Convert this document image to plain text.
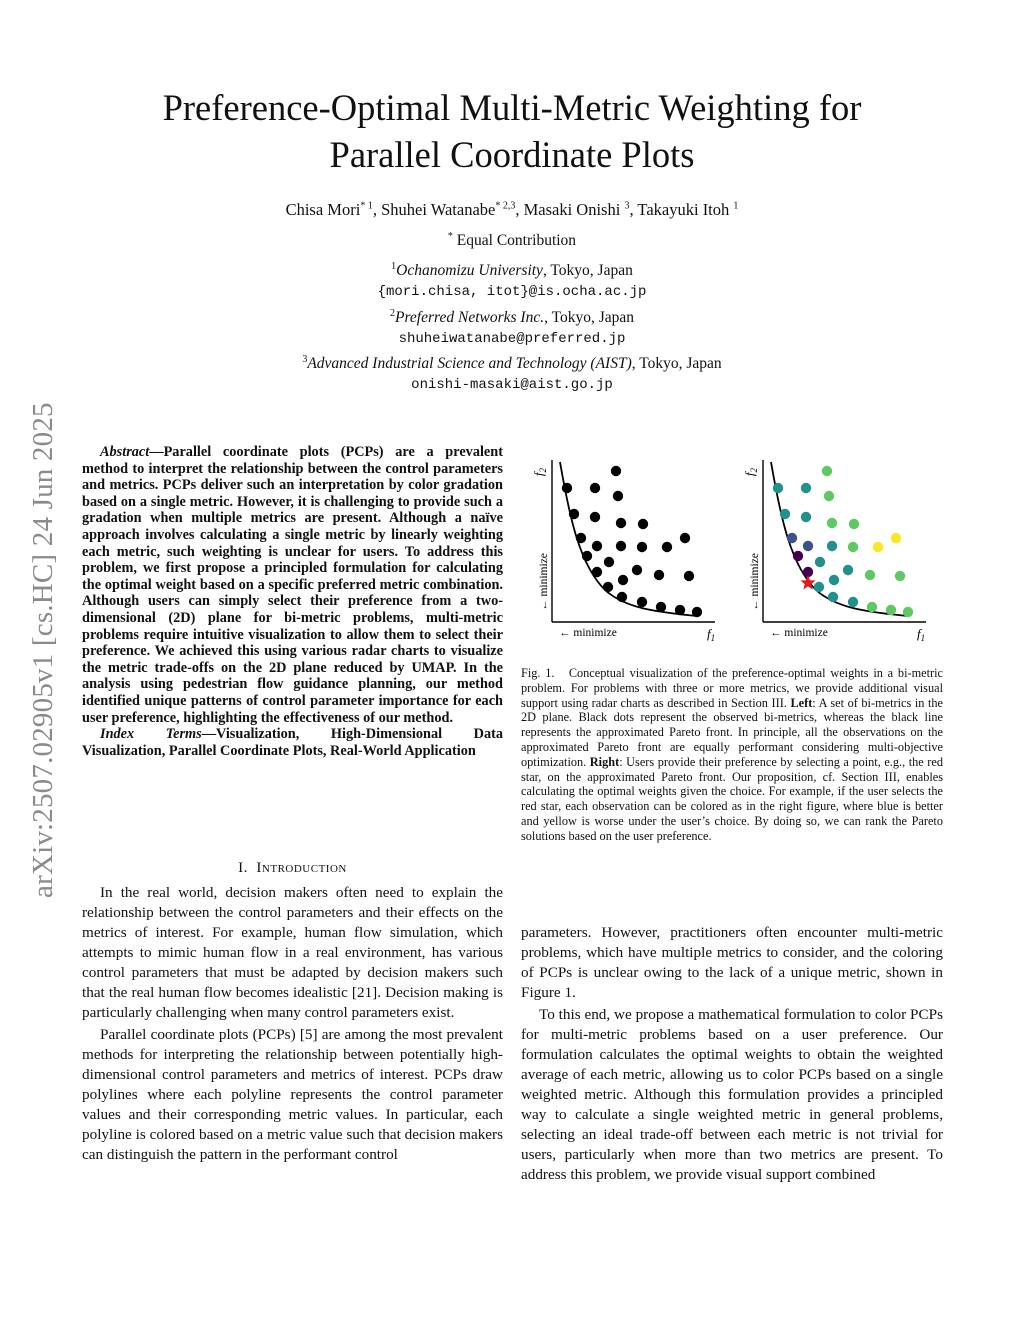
arXiv:2507.02905v1 [cs.HC] 24 Jun 2025
Preference-Optimal Multi-Metric Weighting for
Parallel Coordinate Plots
Chisa Mori$^{* 1}$, Shuhei Watanabe$^{* 2,3}$, Masaki Onishi $^3$, Takayuki Itoh $^1$
* Equal Contribution
$^1$Ochanomizu University, Tokyo, Japan
{mori.chisa, itot}@is.ocha.ac.jp
$^2$Preferred Networks Inc., Tokyo, Japan
shuheiwatanabe@preferred.jp
$^3$Advanced Industrial Science and Technology (AIST), Tokyo, Japan
onishi-masaki@aist.go.jp

Abstract—Parallel coordinate plots (PCPs) are a prevalent method to interpret the relationship between the control parameters and metrics. PCPs deliver such an interpretation by color gradation based on a single metric. However, it is challenging to provide such a gradation when multiple metrics are present. Although a naïve approach involves calculating a single metric by linearly weighting each metric, such weighting is unclear for users. To address this problem, we first propose a principled formulation for calculating the optimal weight based on a specific preferred metric combination. Although users can simply select their preference from a two-dimensional (2D) plane for bi-metric problems, multi-metric problems require intuitive visualization to allow them to select their preference. We achieved this using various radar charts to visualize the metric trade-offs on the 2D plane reduced by UMAP. In the analysis using pedestrian flow guidance planning, our method identified unique patterns of control parameter importance for each user preference, highlighting the effectiveness of our method.

Index Terms—Visualization, High-Dimensional Data Visualization, Parallel Coordinate Plots, Real-World Application

I. Introduction

In the real world, decision makers often need to explain the relationship between the control parameters and their effects on the metrics of interest. For example, human flow simulation, which attempts to mimic human flow in a real environment, has various control parameters that must be adapted by decision makers such that the real human flow becomes idealistic [21]. Decision making is particularly challenging when many control parameters exist.

Parallel coordinate plots (PCPs) [5] are among the most prevalent methods for interpreting the relationship between potentially high-dimensional control parameters and metrics of interest. PCPs draw polylines where each polyline represents the control parameter values and their corresponding metric values. In particular, each polyline is colored based on a metric value such that decision makers can distinguish the pattern in the performant control

$f_2$
← minimize
← minimize	$f_1$
$f_2$
← minimize
← minimize	$f_1$
Fig. 1. Conceptual visualization of the preference-optimal weights in a bi-metric problem. For problems with three or more metrics, we provide additional visual support using radar charts as described in Section III. Left: A set of bi-metrics in the 2D plane. Black dots represent the observed bi-metrics, whereas the black line represents the approximated Pareto front. In principle, all the observations on the approximated Pareto front are equally performant considering multi-objective optimization. Right: Users provide their preference by selecting a point, e.g., the red star, on the approximated Pareto front. Our proposition, cf. Section III, enables calculating the optimal weights given the choice. For example, if the user selects the red star, each observation can be colored as in the right figure, where blue is better and yellow is worse under the user’s choice. By doing so, we can rank the Pareto solutions based on the user preference.

parameters. However, practitioners often encounter multi-metric problems, which have multiple metrics to consider, and the coloring of PCPs is unclear owing to the lack of a unique metric, shown in Figure 1.

To this end, we propose a mathematical formulation to color PCPs for multi-metric problems based on a user preference. Our formulation calculates the optimal weights to obtain the weighted average of each metric, allowing us to color PCPs based on a single weighted metric. Although this formulation provides a principled way to calculate a single weighted metric in general problems, selecting an ideal trade-off between each metric is not trivial for users, particularly when more than two metrics are present. To address this problem, we provide visual support combined
